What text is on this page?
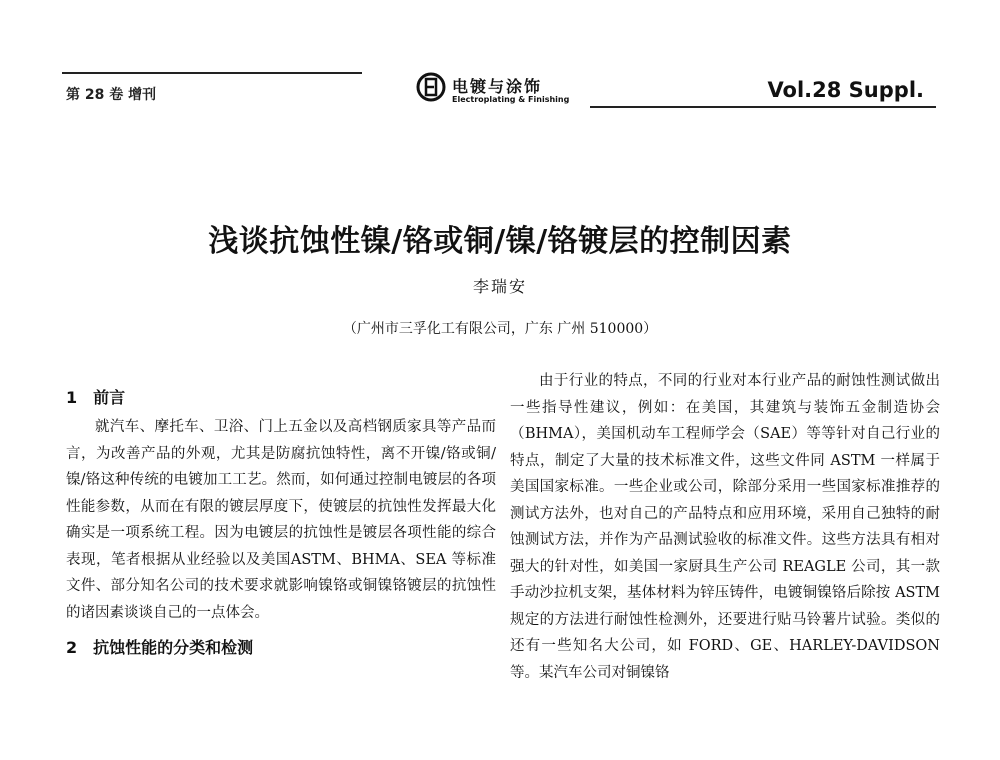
第 28 卷 增刊	电镀与涂饰
Electroplating & Finishing	Vol.28 Suppl.
浅谈抗蚀性镍/铬或铜/镍/铬镀层的控制因素
李瑞安
（广州市三孚化工有限公司，广东 广州 510000）
1 前言

就汽车、摩托车、卫浴、门上五金以及高档钢质家具等产品而言，为改善产品的外观，尤其是防腐抗蚀特性，离不开镍/铬或铜/镍/铬这种传统的电镀加工工艺。然而，如何通过控制电镀层的各项性能参数，从而在有限的镀层厚度下，使镀层的抗蚀性发挥最大化确实是一项系统工程。因为电镀层的抗蚀性是镀层各项性能的综合表现，笔者根据从业经验以及美国ASTM、BHMA、SEA 等标准文件、部分知名公司的技术要求就影响镍铬或铜镍铬镀层的抗蚀性的诸因素谈谈自己的一点体会。

2 抗蚀性能的分类和检测

由于行业的特点，不同的行业对本行业产品的耐蚀性测试做出一些指导性建议，例如：在美国，其建筑与装饰五金制造协会（BHMA），美国机动车工程师学会（SAE）等等针对自己行业的特点，制定了大量的技术标准文件，这些文件同 ASTM 一样属于美国国家标准。一些企业或公司，除部分采用一些国家标准推荐的测试方法外，也对自己的产品特点和应用环境，采用自己独特的耐蚀测试方法，并作为产品测试验收的标准文件。这些方法具有相对强大的针对性，如美国一家厨具生产公司 REAGLE 公司，其一款手动沙拉机支架，基体材料为锌压铸件，电镀铜镍铬后除按 ASTM 规定的方法进行耐蚀性检测外，还要进行贴马铃薯片试验。类似的还有一些知名大公司，如 FORD、GE、HARLEY-DAVIDSON 等。某汽车公司对铜镍铬
